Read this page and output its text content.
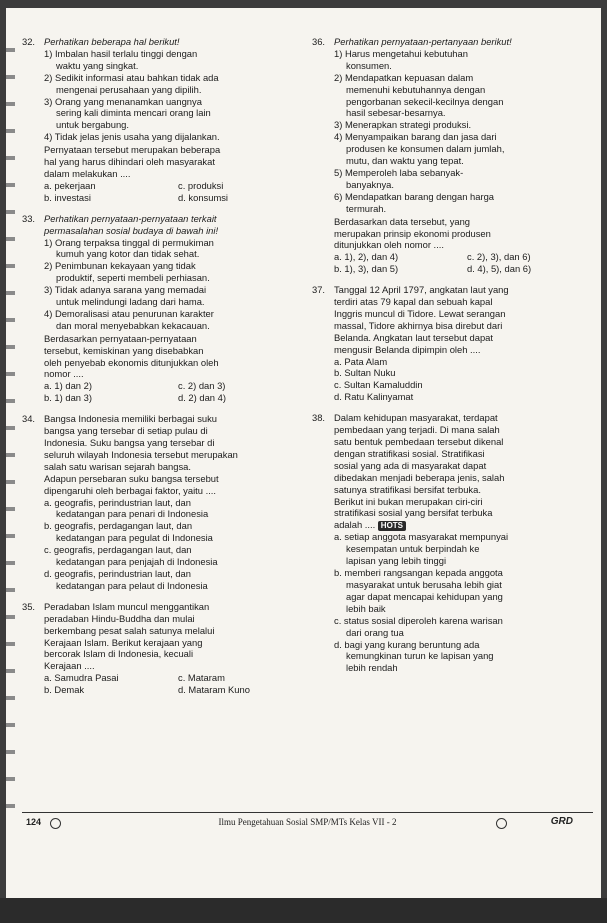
32. Perhatikan beberapa hal berikut!
1) Imbalan hasil terlalu tinggi dengan
waktu yang singkat.
2) Sedikit informasi atau bahkan tidak ada
mengenai perusahaan yang dipilih.
3) Orang yang menanamkan uangnya
sering kali diminta mencari orang lain
untuk bergabung.
4) Tidak jelas jenis usaha yang dijalankan.
Pernyataan tersebut merupakan beberapa
hal yang harus dihindari oleh masyarakat
dalam melakukan ....
a. pekerjaan	c. produksi
b. investasi	d. konsumsi
33. Perhatikan pernyataan-pernyataan terkait
permasalahan sosial budaya di bawah ini!
1) Orang terpaksa tinggal di permukiman
kumuh yang kotor dan tidak sehat.
2) Penimbunan kekayaan yang tidak
produktif, seperti membeli perhiasan.
3) Tidak adanya sarana yang memadai
untuk melindungi ladang dari hama.
4) Demoralisasi atau penurunan karakter
dan moral menyebabkan kekacauan.
Berdasarkan pernyataan-pernyataan
tersebut, kemiskinan yang disebabkan
oleh penyebab ekonomis ditunjukkan oleh
nomor ....
a. 1) dan 2)	c. 2) dan 3)
b. 1) dan 3)	d. 2) dan 4)
34. Bangsa Indonesia memiliki berbagai suku
bangsa yang tersebar di setiap pulau di
Indonesia. Suku bangsa yang tersebar di
seluruh wilayah Indonesia tersebut merupakan
salah satu warisan sejarah bangsa.
Adapun persebaran suku bangsa tersebut
dipengaruhi oleh berbagai faktor, yaitu ....
a. geografis, perindustrian laut, dan
kedatangan para penari di Indonesia
b. geografis, perdagangan laut, dan
kedatangan para pegulat di Indonesia
c. geografis, perdagangan laut, dan
kedatangan para penjajah di Indonesia
d. geografis, perindustrian laut, dan
kedatangan para pelaut di Indonesia
35. Peradaban Islam muncul menggantikan
peradaban Hindu-Buddha dan mulai
berkembang pesat salah satunya melalui
Kerajaan Islam. Berikut kerajaan yang
bercorak Islam di Indonesia, kecuali
Kerajaan ....
a. Samudra Pasai	c. Mataram
b. Demak	d. Mataram Kuno
36. Perhatikan pernyataan-pertanyaan berikut!
1) Harus mengetahui kebutuhan
konsumen.
2) Mendapatkan kepuasan dalam
memenuhi kebutuhannya dengan
pengorbanan sekecil-kecilnya dengan
hasil sebesar-besarnya.
3) Menerapkan strategi produksi.
4) Menyampaikan barang dan jasa dari
produsen ke konsumen dalam jumlah,
mutu, dan waktu yang tepat.
5) Memperoleh laba sebanyak-
banyaknya.
6) Mendapatkan barang dengan harga
termurah.
Berdasarkan data tersebut, yang
merupakan prinsip ekonomi produsen
ditunjukkan oleh nomor ....
a. 1), 2), dan 4)	c. 2), 3), dan 6)
b. 1), 3), dan 5)	d. 4), 5), dan 6)
37. Tanggal 12 April 1797, angkatan laut yang
terdiri atas 79 kapal dan sebuah kapal
Inggris muncul di Tidore. Lewat serangan
massal, Tidore akhirnya bisa direbut dari
Belanda. Angkatan laut tersebut dapat
mengusir Belanda dipimpin oleh ....
a. Pata Alam
b. Sultan Nuku
c. Sultan Kamaluddin
d. Ratu Kalinyamat
38. Dalam kehidupan masyarakat, terdapat
pembedaan yang terjadi. Di mana salah
satu bentuk pembedaan tersebut dikenal
dengan stratifikasi sosial. Stratifikasi
sosial yang ada di masyarakat dapat
dibedakan menjadi beberapa jenis, salah
satunya stratifikasi bersifat terbuka.
Berikut ini bukan merupakan ciri-ciri
stratifikasi sosial yang bersifat terbuka
adalah .... HOTS
a. setiap anggota masyarakat mempunyai
kesempatan untuk berpindah ke
lapisan yang lebih tinggi
b. memberi rangsangan kepada anggota
masyarakat untuk berusaha lebih giat
agar dapat mencapai kehidupan yang
lebih baik
c. status sosial diperoleh karena warisan
dari orang tua
d. bagi yang kurang beruntung ada
kemungkinan turun ke lapisan yang
lebih rendah
124	Ilmu Pengetahuan Sosial SMP/MTs Kelas VII - 2	GRD
